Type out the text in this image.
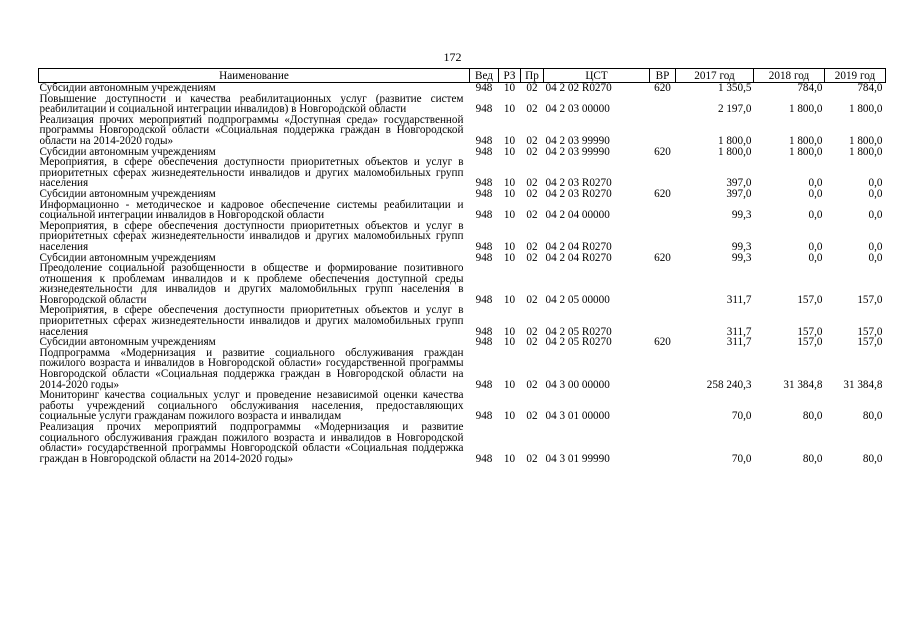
172
Наименование	Вед	РЗ	Пр	ЦСТ	ВР	2017 год	2018 год	2019 год
Субсидии автономным учреждениям	948	10	02	04 2 02 R0270	620	1 350,5	784,0	784,0
Повышение доступности и качества реабилитационных услуг (развитие систем реабилитации и социальной интеграции инвалидов) в Новгородской области	948	10	02	04 2 03 00000		2 197,0	1 800,0	1 800,0
Реализация прочих мероприятий подпрограммы «Доступная среда» государственной программы Новгородской области «Социальная поддержка граждан в Новгородской области на 2014-2020 годы»	948	10	02	04 2 03 99990		1 800,0	1 800,0	1 800,0
Субсидии автономным учреждениям	948	10	02	04 2 03 99990	620	1 800,0	1 800,0	1 800,0
Мероприятия, в сфере обеспечения доступности приоритетных объектов и услуг в приоритетных сферах жизнедеятельности инвалидов и других маломобильных групп населения	948	10	02	04 2 03 R0270		397,0	0,0	0,0
Субсидии автономным учреждениям	948	10	02	04 2 03 R0270	620	397,0	0,0	0,0
Информационно - методическое и кадровое обеспечение системы реабилитации и социальной интеграции инвалидов в Новгородской области	948	10	02	04 2 04 00000		99,3	0,0	0,0
Мероприятия, в сфере обеспечения доступности приоритетных объектов и услуг в приоритетных сферах жизнедеятельности инвалидов и других маломобильных групп населения	948	10	02	04 2 04 R0270		99,3	0,0	0,0
Субсидии автономным учреждениям	948	10	02	04 2 04 R0270	620	99,3	0,0	0,0
Преодоление социальной разобщенности в обществе и формирование позитивного отношения к проблемам инвалидов и к проблеме обеспечения доступной среды жизнедеятельности для инвалидов и других маломобильных групп населения в Новгородской области	948	10	02	04 2 05 00000		311,7	157,0	157,0
Мероприятия, в сфере обеспечения доступности приоритетных объектов и услуг в приоритетных сферах жизнедеятельности инвалидов и других маломобильных групп населения	948	10	02	04 2 05 R0270		311,7	157,0	157,0
Субсидии автономным учреждениям	948	10	02	04 2 05 R0270	620	311,7	157,0	157,0
Подпрограмма «Модернизация и развитие социального обслуживания граждан пожилого возраста и инвалидов в Новгородской области» государственной программы Новгородской области «Социальная поддержка граждан в Новгородской области на 2014-2020 годы»	948	10	02	04 3 00 00000		258 240,3	31 384,8	31 384,8
Мониторинг качества социальных услуг и проведение независимой оценки качества работы учреждений социального обслуживания населения, предоставляющих социальные услуги гражданам пожилого возраста и инвалидам	948	10	02	04 3 01 00000		70,0	80,0	80,0
Реализация прочих мероприятий подпрограммы «Модернизация и развитие социального обслуживания граждан пожилого возраста и инвалидов в Новгородской области» государственной программы Новгородской области «Социальная поддержка граждан в Новгородской области на 2014-2020 годы»	948	10	02	04 3 01 99990		70,0	80,0	80,0
